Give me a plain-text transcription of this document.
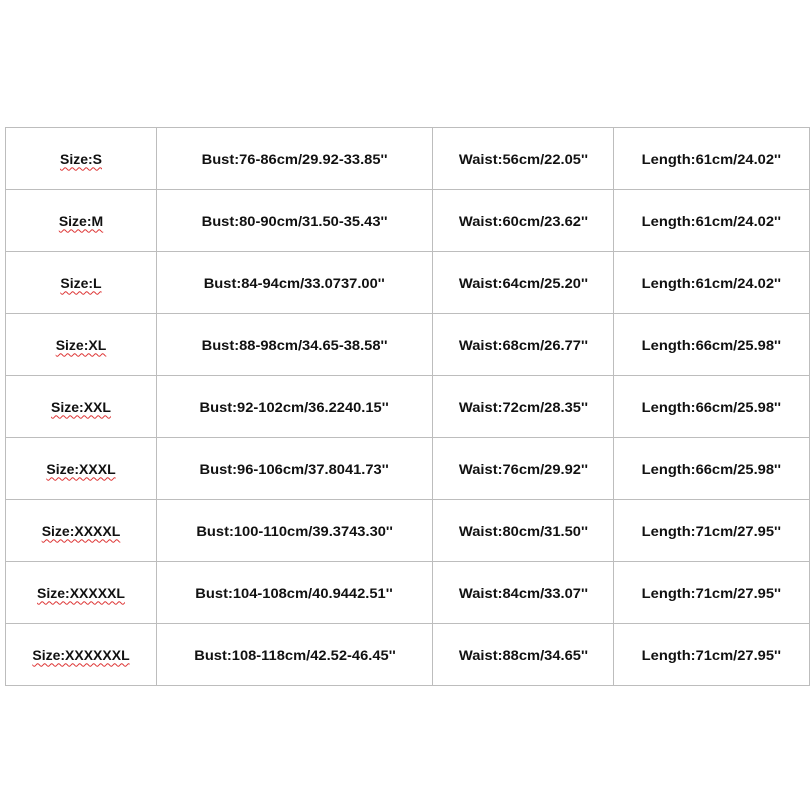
Size:S	Bust:76-86cm/29.92-33.85''	Waist:56cm/22.05''	Length:61cm/24.02''
Size:M	Bust:80-90cm/31.50-35.43''	Waist:60cm/23.62''	Length:61cm/24.02''
Size:L	Bust:84-94cm/33.0737.00''	Waist:64cm/25.20''	Length:61cm/24.02''
Size:XL	Bust:88-98cm/34.65-38.58''	Waist:68cm/26.77''	Length:66cm/25.98''
Size:XXL	Bust:92-102cm/36.2240.15''	Waist:72cm/28.35''	Length:66cm/25.98''
Size:XXXL	Bust:96-106cm/37.8041.73''	Waist:76cm/29.92''	Length:66cm/25.98''
Size:XXXXL	Bust:100-110cm/39.3743.30''	Waist:80cm/31.50''	Length:71cm/27.95''
Size:XXXXXL	Bust:104-108cm/40.9442.51''	Waist:84cm/33.07''	Length:71cm/27.95''
Size:XXXXXXL	Bust:108-118cm/42.52-46.45''	Waist:88cm/34.65''	Length:71cm/27.95''
